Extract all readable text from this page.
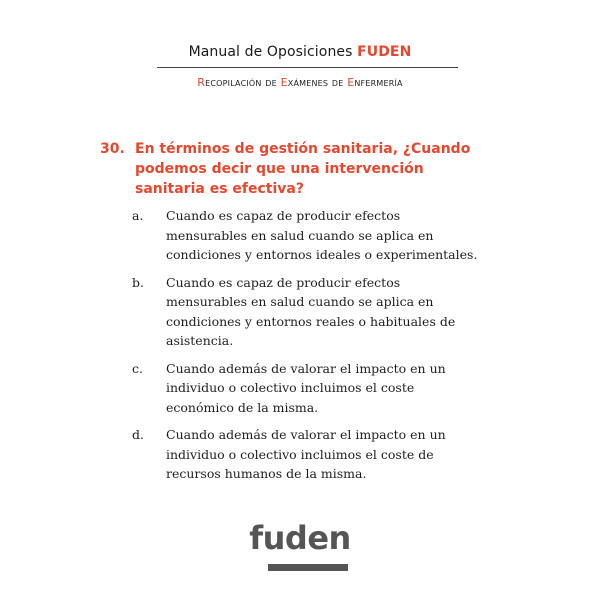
Manual de Oposiciones FUDEN
Recopilación de Exámenes de Enfermería
30. En términos de gestión sanitaria, ¿Cuando podemos decir que una intervención sanitaria es efectiva?
a.	Cuando es capaz de producir efectos mensurables en salud cuando se aplica en condiciones y entornos ideales o experimentales.
b.	Cuando es capaz de producir efectos mensurables en salud cuando se aplica en condiciones y entornos reales o habituales de asistencia.
c.	Cuando además de valorar el impacto en un individuo o colectivo incluimos el coste económico de la misma.
d.	Cuando además de valorar el impacto en un individuo o colectivo incluimos el coste de recursos humanos de la misma.
fuden
